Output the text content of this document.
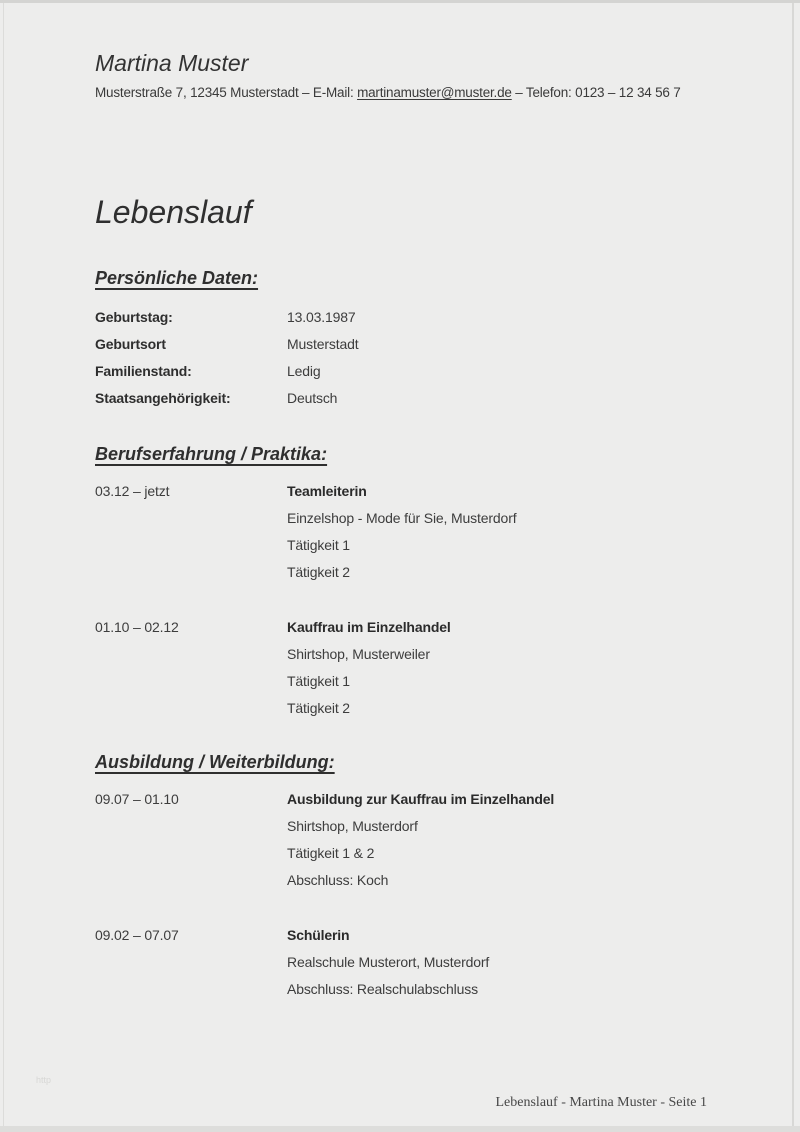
Martina Muster
Musterstraße 7, 12345 Musterstadt – E-Mail: martinamuster@muster.de – Telefon: 0123 – 12 34 56 7
Lebenslauf
Persönliche Daten:
Geburtstag:	13.03.1987
Geburtsort	Musterstadt
Familienstand:	Ledig
Staatsangehörigkeit:	Deutsch
Berufserfahrung / Praktika:
03.12 – jetzt	Teamleiterin
Einzelshop - Mode für Sie, Musterdorf
Tätigkeit 1
Tätigkeit 2
01.10 – 02.12	Kauffrau im Einzelhandel
Shirtshop, Musterweiler
Tätigkeit 1
Tätigkeit 2
Ausbildung / Weiterbildung:
09.07 – 01.10	Ausbildung zur Kauffrau im Einzelhandel
Shirtshop, Musterdorf
Tätigkeit 1 & 2
Abschluss: Koch
09.02 – 07.07	Schülerin
Realschule Musterort, Musterdorf
Abschluss: Realschulabschluss
http
Lebenslauf - Martina Muster - Seite 1
